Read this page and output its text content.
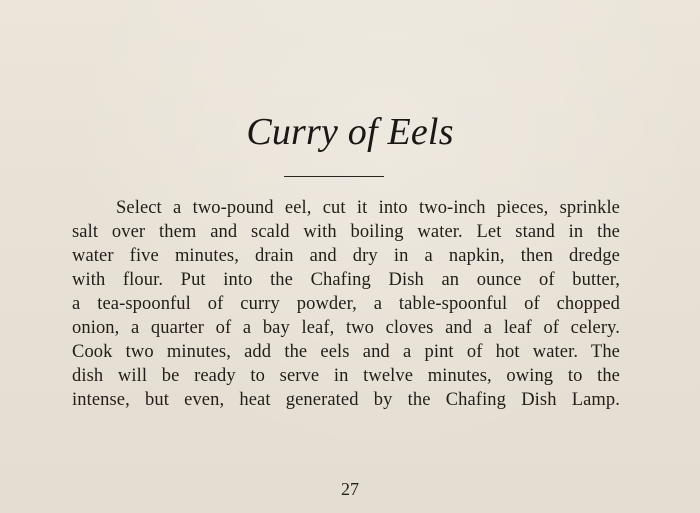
Curry of Eels
Select a two-pound eel, cut it into two-inch pieces, sprinkle
salt over them and scald with boiling water. Let stand in the
water five minutes, drain and dry in a napkin, then dredge
with flour. Put into the Chafing Dish an ounce of butter,
a tea-spoonful of curry powder, a table-spoonful of chopped
onion, a quarter of a bay leaf, two cloves and a leaf of celery.
Cook two minutes, add the eels and a pint of hot water. The
dish will be ready to serve in twelve minutes, owing to the
intense, but even, heat generated by the Chafing Dish Lamp.
27
